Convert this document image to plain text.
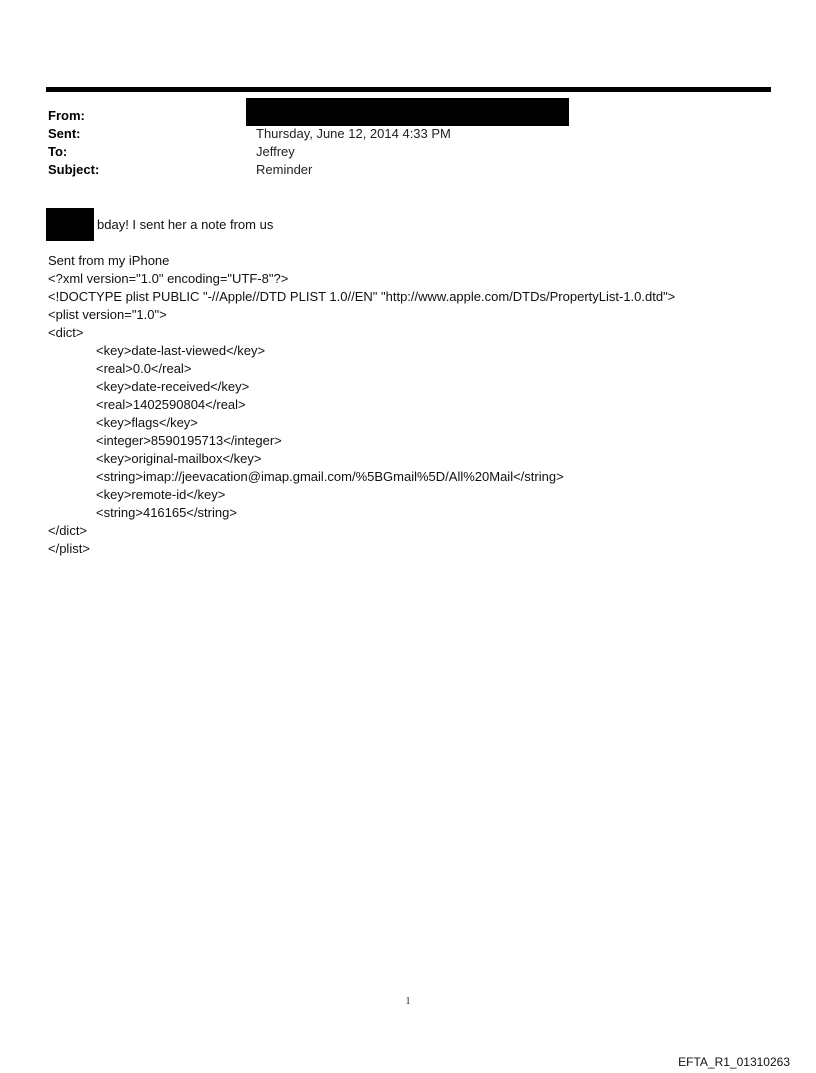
From:
Sent:	Thursday, June 12, 2014 4:33 PM
To:	Jeffrey
Subject:	Reminder
bday! I sent her a note from us
Sent from my iPhone
<?xml version="1.0" encoding="UTF-8"?>
<!DOCTYPE plist PUBLIC "-//Apple//DTD PLIST 1.0//EN" "http://www.apple.com/DTDs/PropertyList-1.0.dtd">
<plist version="1.0">
<dict>
<key>date-last-viewed</key>
<real>0.0</real>
<key>date-received</key>
<real>1402590804</real>
<key>flags</key>
<integer>8590195713</integer>
<key>original-mailbox</key>
<string>imap://jeevacation@imap.gmail.com/%5BGmail%5D/All%20Mail</string>
<key>remote-id</key>
<string>416165</string>
</dict>
</plist>
1
EFTA_R1_01310263
